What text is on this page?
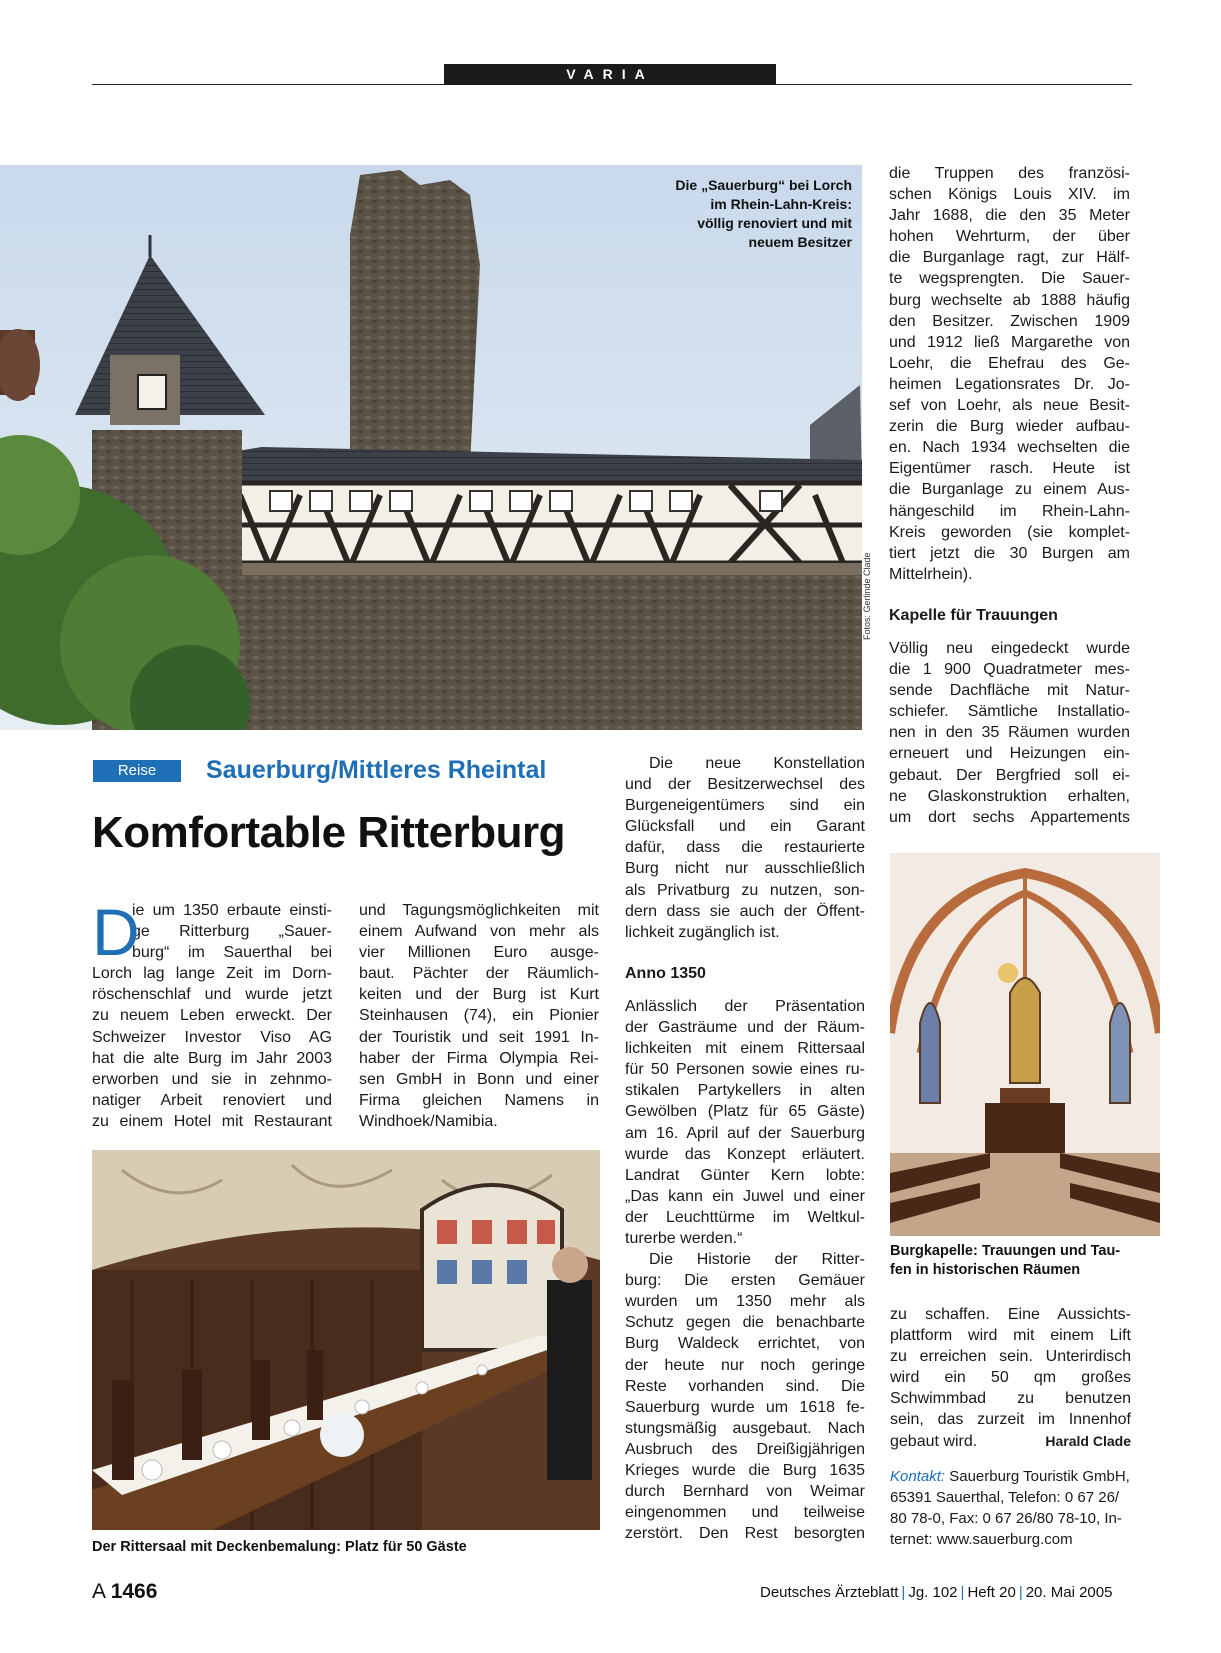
VARIA
Fotos: Gerlinde Clade
Die „Sauerburg“ bei Lorch
im Rhein-Lahn-Kreis:
völlig renoviert und mit
neuem Besitzer
Reise	Sauerburg/Mittleres Rheintal
Komfortable Ritterburg
D
ie um 1350 erbaute einsti-
ge Ritterburg „Sauer-
burg“ im Sauerthal bei
Lorch lag lange Zeit im Dorn-
röschenschlaf und wurde jetzt
zu neuem Leben erweckt. Der
Schweizer Investor Viso AG
hat die alte Burg im Jahr 2003
erworben und sie in zehnmo-
natiger Arbeit renoviert und
zu einem Hotel mit Restaurant
und Tagungsmöglichkeiten mit
einem Aufwand von mehr als
vier Millionen Euro ausge-
baut. Pächter der Räumlich-
keiten und der Burg ist Kurt
Steinhausen (74), ein Pionier
der Touristik und seit 1991 In-
haber der Firma Olympia Rei-
sen GmbH in Bonn und einer
Firma gleichen Namens in
Windhoek/Namibia.
Der Rittersaal mit Deckenbemalung: Platz für 50 Gäste
Die neue Konstellation
und der Besitzerwechsel des
Burgeneigentümers sind ein
Glücksfall und ein Garant
dafür, dass die restaurierte
Burg nicht nur ausschließlich
als Privatburg zu nutzen, son-
dern dass sie auch der Öffent-
lichkeit zugänglich ist.

Anno 1350

Anlässlich der Präsentation
der Gasträume und der Räum-
lichkeiten mit einem Rittersaal
für 50 Personen sowie eines ru-
stikalen Partykellers in alten
Gewölben (Platz für 65 Gäste)
am 16. April auf der Sauerburg
wurde das Konzept erläutert.
Landrat Günter Kern lobte:
„Das kann ein Juwel und einer
der Leuchttürme im Weltkul-
turerbe werden.“
Die Historie der Ritter-
burg: Die ersten Gemäuer
wurden um 1350 mehr als
Schutz gegen die benachbarte
Burg Waldeck errichtet, von
der heute nur noch geringe
Reste vorhanden sind. Die
Sauerburg wurde um 1618 fe-
stungsmäßig ausgebaut. Nach
Ausbruch des Dreißigjährigen
Krieges wurde die Burg 1635
durch Bernhard von Weimar
eingenommen und teilweise
zerstört. Den Rest besorgten
die Truppen des französi-
schen Königs Louis XIV. im
Jahr 1688, die den 35 Meter
hohen Wehrturm, der über
die Burganlage ragt, zur Hälf-
te wegsprengten. Die Sauer-
burg wechselte ab 1888 häufig
den Besitzer. Zwischen 1909
und 1912 ließ Margarethe von
Loehr, die Ehefrau des Ge-
heimen Legationsrates Dr. Jo-
sef von Loehr, als neue Besit-
zerin die Burg wieder aufbau-
en. Nach 1934 wechselten die
Eigentümer rasch. Heute ist
die Burganlage zu einem Aus-
hängeschild im Rhein-Lahn-
Kreis geworden (sie komplet-
tiert jetzt die 30 Burgen am
Mittelrhein).

Kapelle für Trauungen

Völlig neu eingedeckt wurde
die 1 900 Quadratmeter mes-
sende Dachfläche mit Natur-
schiefer. Sämtliche Installatio-
nen in den 35 Räumen wurden
erneuert und Heizungen ein-
gebaut. Der Bergfried soll ei-
ne Glaskonstruktion erhalten,
um dort sechs Appartements
Burgkapelle: Trauungen und Tau-
fen in historischen Räumen
zu schaffen. Eine Aussichts-
plattform wird mit einem Lift
zu erreichen sein. Unterirdisch
wird ein 50 qm großes
Schwimmbad zu benutzen
sein, das zurzeit im Innenhof
gebaut wird.	Harald Clade
Kontakt: Sauerburg Touristik GmbH,
65391 Sauerthal, Telefon: 0 67 26/
80 78-0, Fax: 0 67 26/80 78-10, In-
ternet: www.sauerburg.com
A 1466	Deutsches Ärzteblatt | Jg. 102 | Heft 20 | 20. Mai 2005
